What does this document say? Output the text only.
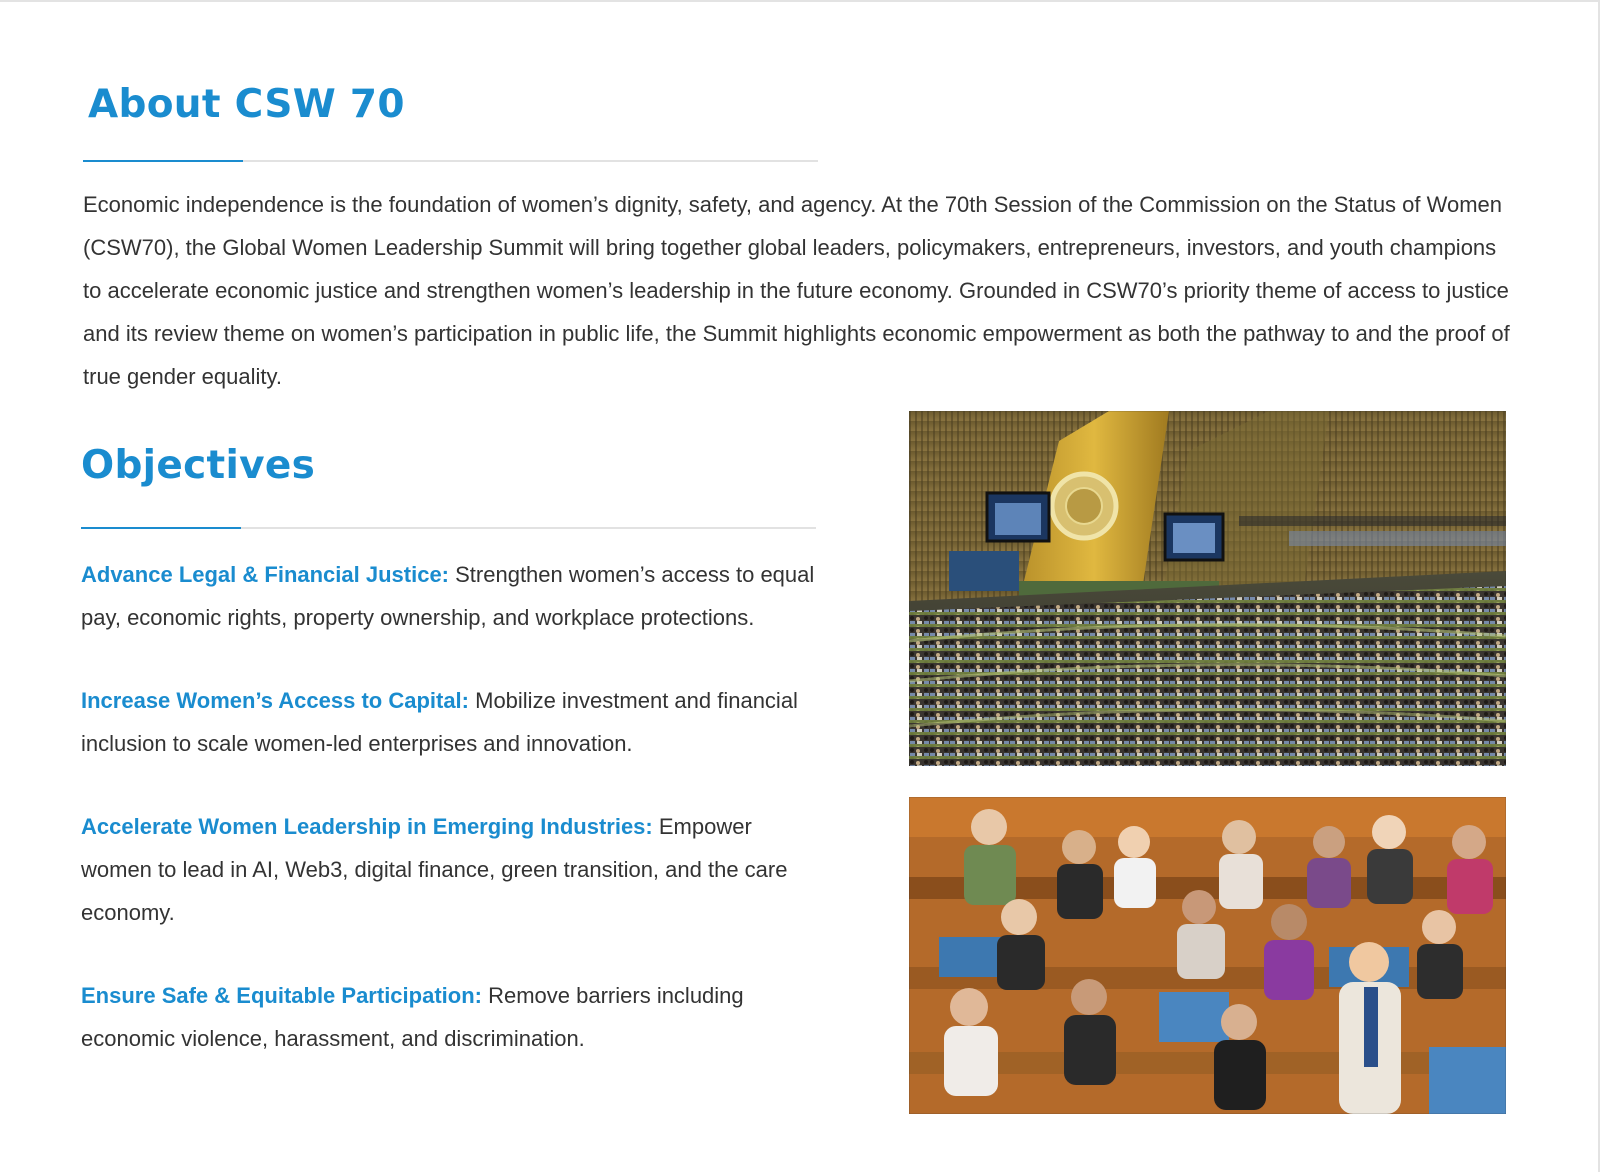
About CSW 70

Economic independence is the foundation of women’s dignity, safety, and agency. At the 70th Session of the Commission on the Status of Women (CSW70), the Global Women Leadership Summit will bring together global leaders, policymakers, entrepreneurs, investors, and youth champions to accelerate economic justice and strengthen women’s leadership in the future economy. Grounded in CSW70’s priority theme of access to justice and its review theme on women’s participation in public life, the Summit highlights economic empowerment as both the pathway to and the proof of true gender equality.

Objectives
Advance Legal & Financial Justice: Strengthen women’s access to equal pay, economic rights, property ownership, and workplace protections.
Increase Women’s Access to Capital: Mobilize investment and financial inclusion to scale women-led enterprises and innovation.
Accelerate Women Leadership in Emerging Industries: Empower women to lead in AI, Web3, digital finance, green transition, and the care economy.
Ensure Safe & Equitable Participation: Remove barriers including economic violence, harassment, and discrimination.
